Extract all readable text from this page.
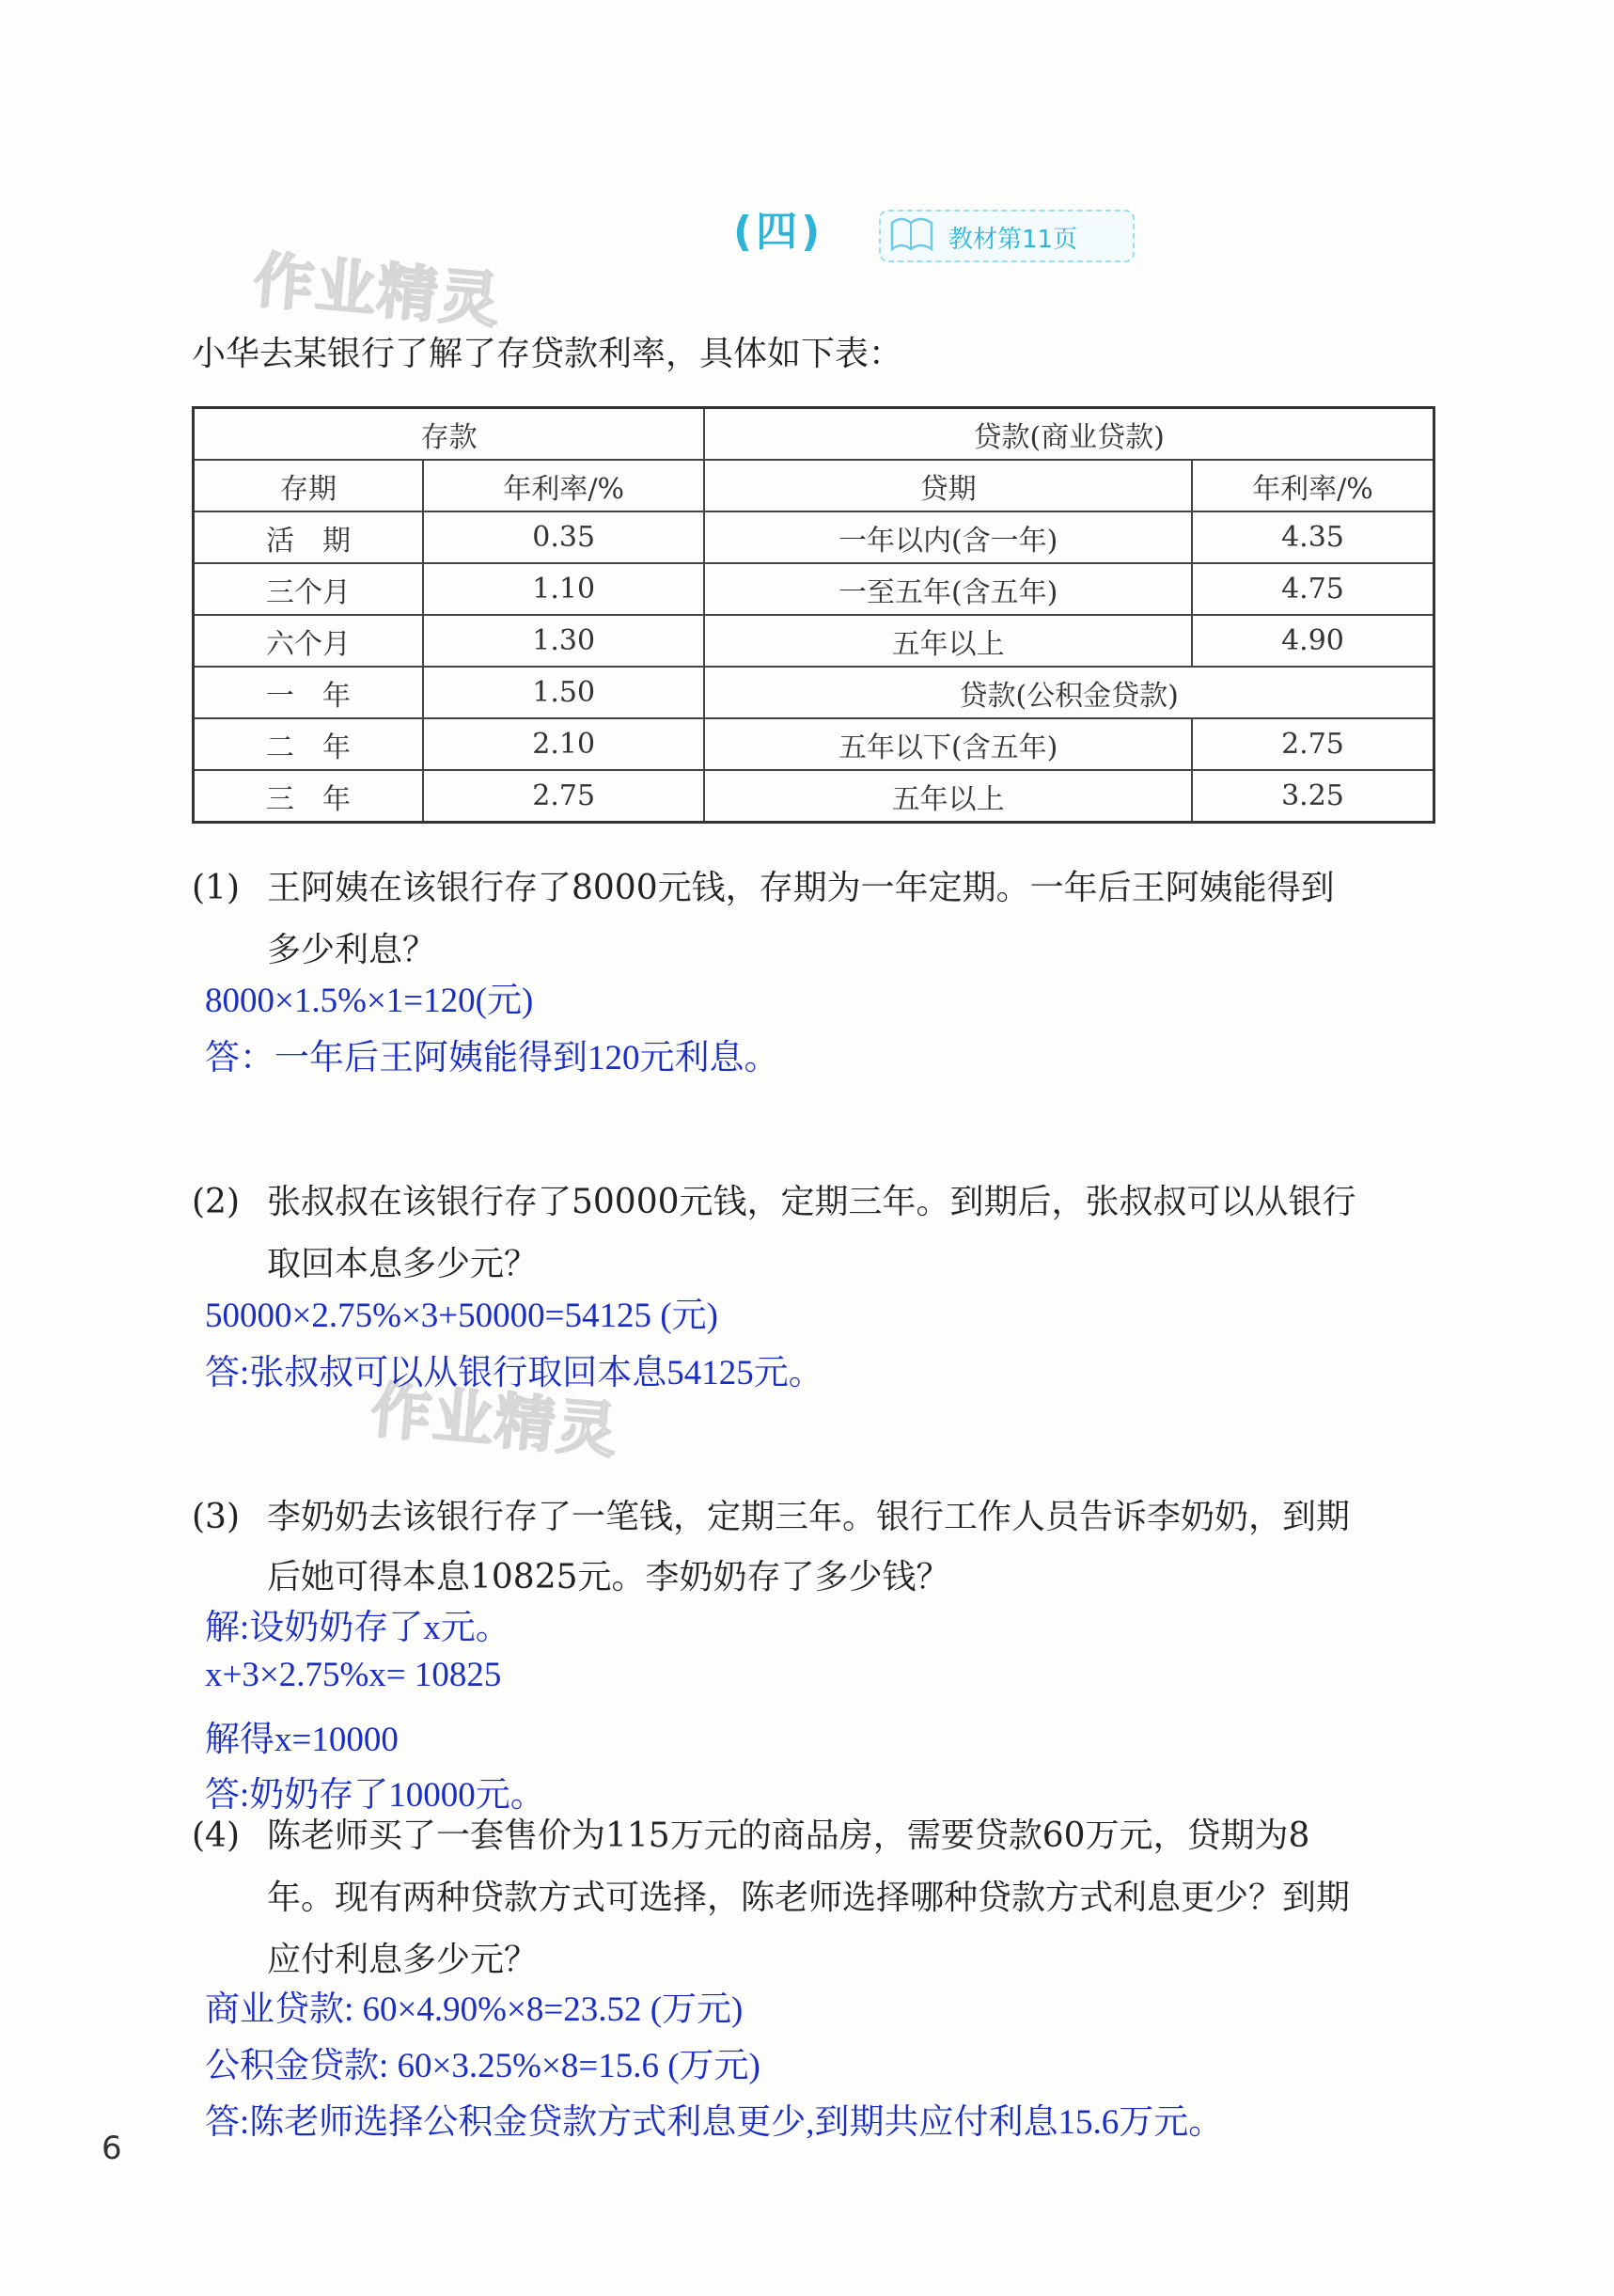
(四)	教材第11页
作业精灵
作业精灵
小华去某银行了解了存贷款利率，具体如下表：
存款		贷款(商业贷款)	
存期	年利率/%	贷期	年利率/%
活　期	0.35	一年以内(含一年)	4.35
三个月	1.10	一至五年(含五年)	4.75
六个月	1.30	五年以上	4.90
一　年	1.50	贷款(公积金贷款)	
二　年	2.10	五年以下(含五年)	2.75
三　年	2.75	五年以上	3.25
(1) 王阿姨在该银行存了8000元钱，存期为一年定期。一年后王阿姨能得到
多少利息？
8000×1.5%×1=120(元)
答：一年后王阿姨能得到120元利息。
(2) 张叔叔在该银行存了50000元钱，定期三年。到期后，张叔叔可以从银行
取回本息多少元？
50000×2.75%×3+50000=54125 (元)
答:张叔叔可以从银行取回本息54125元。
(3) 李奶奶去该银行存了一笔钱，定期三年。银行工作人员告诉李奶奶，到期
后她可得本息10825元。李奶奶存了多少钱？
解:设奶奶存了x元。
x+3×2.75%x= 10825
解得x=10000
答:奶奶存了10000元。
(4) 陈老师买了一套售价为115万元的商品房，需要贷款60万元，贷期为8
年。现有两种贷款方式可选择，陈老师选择哪种贷款方式利息更少？到期
应付利息多少元？
商业贷款: 60×4.90%×8=23.52 (万元)
公积金贷款: 60×3.25%×8=15.6 (万元)
答:陈老师选择公积金贷款方式利息更少,到期共应付利息15.6万元。
6
